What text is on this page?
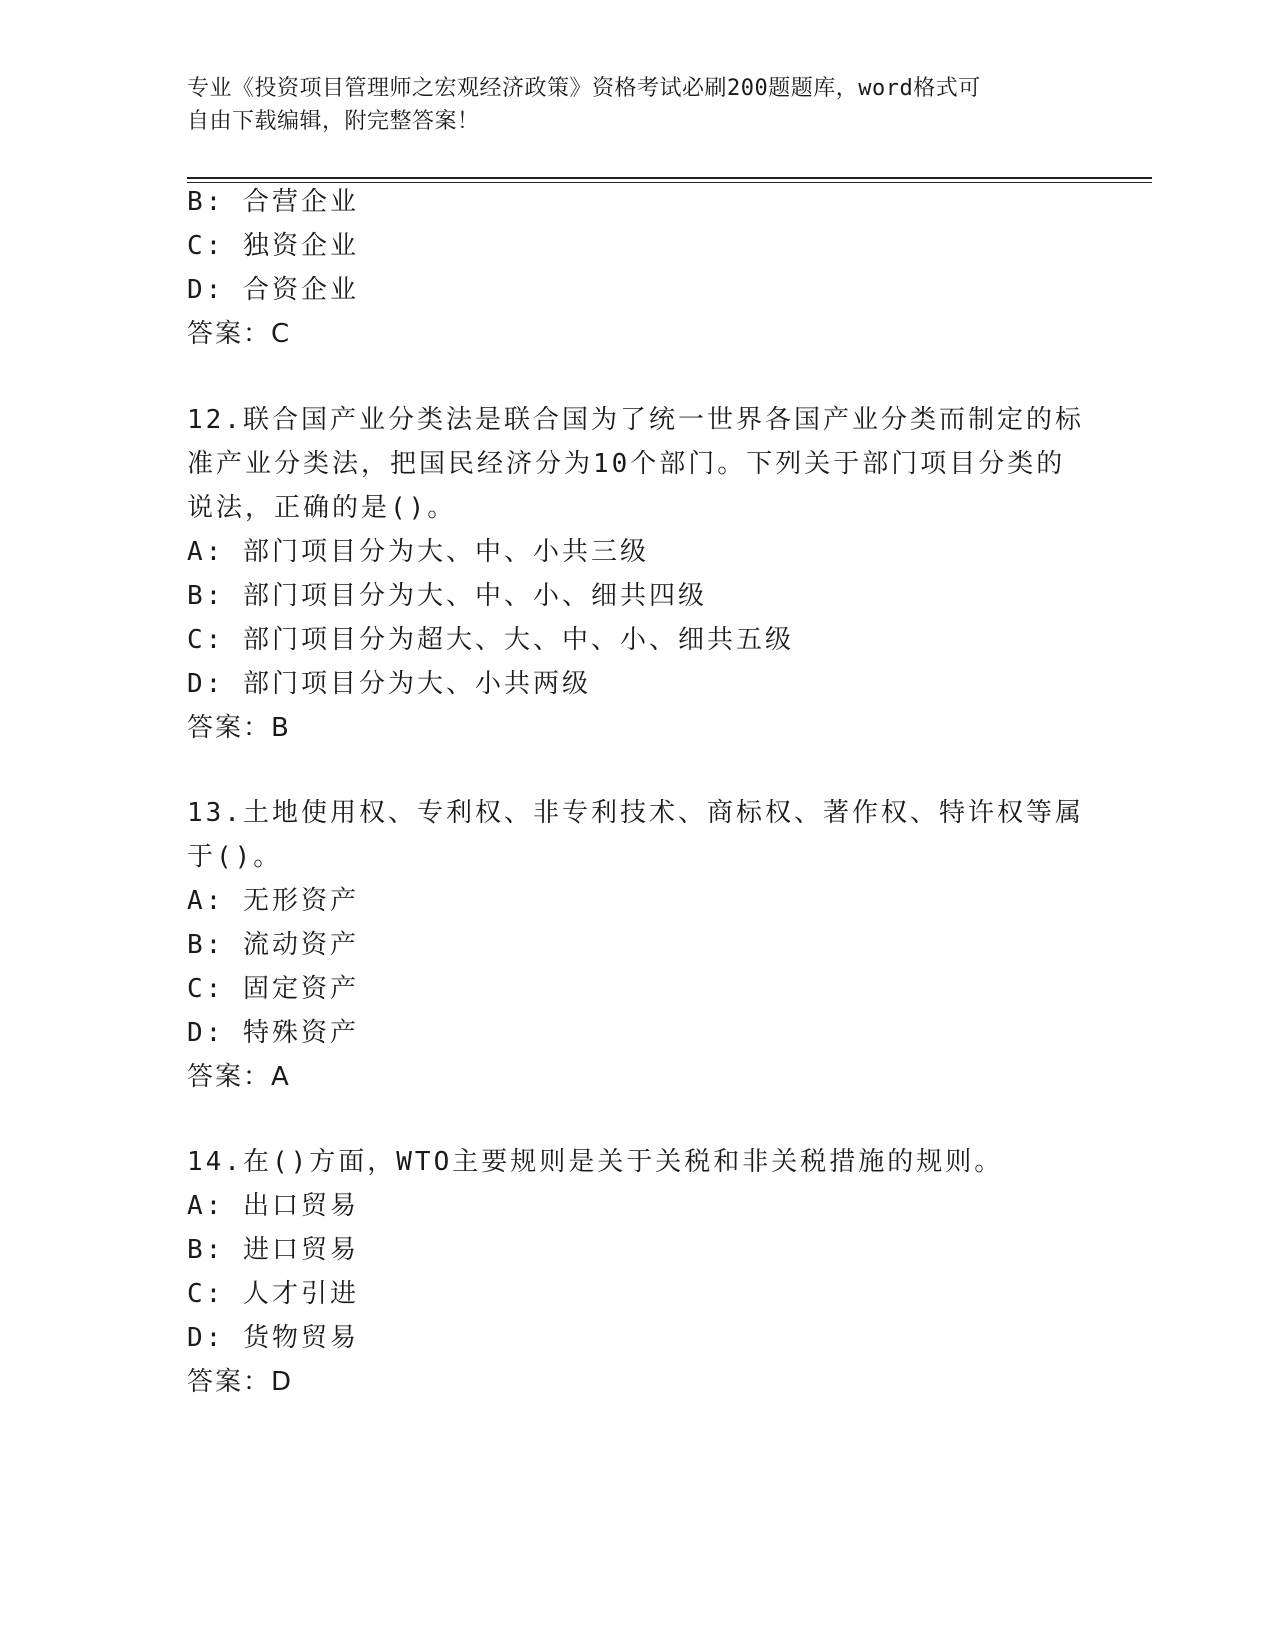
专业《投资项目管理师之宏观经济政策》资格考试必刷200题题库，word格式可
自由下载编辑，附完整答案！
B: 合营企业
C: 独资企业
D: 合资企业
答案：C
12.联合国产业分类法是联合国为了统一世界各国产业分类而制定的标
准产业分类法，把国民经济分为10个部门。下列关于部门项目分类的
说法，正确的是()。
A: 部门项目分为大、中、小共三级
B: 部门项目分为大、中、小、细共四级
C: 部门项目分为超大、大、中、小、细共五级
D: 部门项目分为大、小共两级
答案：B
13.土地使用权、专利权、非专利技术、商标权、著作权、特许权等属
于()。
A: 无形资产
B: 流动资产
C: 固定资产
D: 特殊资产
答案：A
14.在()方面，WTO主要规则是关于关税和非关税措施的规则。
A: 出口贸易
B: 进口贸易
C: 人才引进
D: 货物贸易
答案：D
